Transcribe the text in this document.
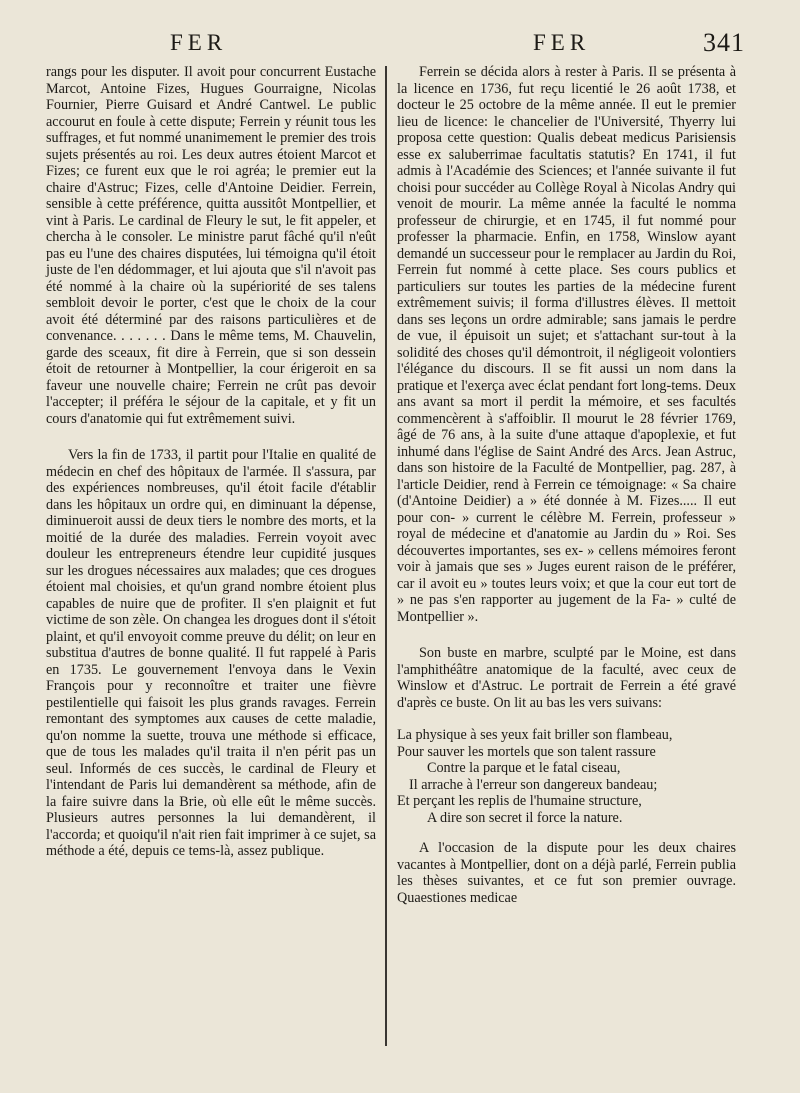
FER	FER	341

rangs pour les disputer. Il avoit pour concurrent Eustache Marcot, Antoine Fizes, Hugues Gourraigne, Nicolas Fournier, Pierre Guisard et André Cantwel. Le public accourut en foule à cette dispute; Ferrein y réunit tous les suffrages, et fut nommé unanimement le premier des trois sujets présentés au roi. Les deux autres étoient Marcot et Fizes; ce furent eux que le roi agréa; le premier eut la chaire d'Astruc; Fizes, celle d'Antoine Deidier. Ferrein, sensible à cette préférence, quitta aussitôt Montpellier, et vint à Paris. Le cardinal de Fleury le sut, le fit appeler, et chercha à le consoler. Le ministre parut fâché qu'il n'eût pas eu l'une des chaires disputées, lui témoigna qu'il étoit juste de l'en dédommager, et lui ajouta que s'il n'avoit pas été nommé à la chaire où la supériorité de ses talens sembloit devoir le porter, c'est que le choix de la cour avoit été déterminé par des raisons particulières et de convenance. . . . . . . Dans le même tems, M. Chauvelin, garde des sceaux, fit dire à Ferrein, que si son dessein étoit de retourner à Montpellier, la cour érigeroit en sa faveur une nouvelle chaire; Ferrein ne crût pas devoir l'accepter; il préféra le séjour de la capitale, et y fit un cours d'anatomie qui fut extrêmement suivi.

Vers la fin de 1733, il partit pour l'Italie en qualité de médecin en chef des hôpitaux de l'armée. Il s'assura, par des expériences nombreuses, qu'il étoit facile d'établir dans les hôpitaux un ordre qui, en diminuant la dépense, diminueroit aussi de deux tiers le nombre des morts, et la moitié de la durée des maladies. Ferrein voyoit avec douleur les entrepreneurs étendre leur cupidité jusques sur les drogues nécessaires aux malades; que ces drogues étoient mal choisies, et qu'un grand nombre étoient plus capables de nuire que de profiter. Il s'en plaignit et fut victime de son zèle. On changea les drogues dont il s'étoit plaint, et qu'il envoyoit comme preuve du délit; on leur en substitua d'autres de bonne qualité. Il fut rappelé à Paris en 1735. Le gouvernement l'envoya dans le Vexin François pour y reconnoître et traiter une fièvre pestilentielle qui faisoit les plus grands ravages. Ferrein remontant des symptomes aux causes de cette maladie, qu'on nomme la suette, trouva une méthode si efficace, que de tous les malades qu'il traita il n'en périt pas un seul. Informés de ces succès, le cardinal de Fleury et l'intendant de Paris lui demandèrent sa méthode, afin de la faire suivre dans la Brie, où elle eût le même succès. Plusieurs autres personnes la lui demandèrent, il l'accorda; et quoiqu'il n'ait rien fait imprimer à ce sujet, sa méthode a été, depuis ce tems-là, assez publique.

Ferrein se décida alors à rester à Paris. Il se présenta à la licence en 1736, fut reçu licentié le 26 août 1738, et docteur le 25 octobre de la même année. Il eut le premier lieu de licence: le chancelier de l'Université, Thyerry lui proposa cette question: Qualis debeat medicus Parisiensis esse ex saluberrimae facultatis statutis? En 1741, il fut admis à l'Académie des Sciences; et l'année suivante il fut choisi pour succéder au Collège Royal à Nicolas Andry qui venoit de mourir. La même année la faculté le nomma professeur de chirurgie, et en 1745, il fut nommé pour professer la pharmacie. Enfin, en 1758, Winslow ayant demandé un successeur pour le remplacer au Jardin du Roi, Ferrein fut nommé à cette place. Ses cours publics et particuliers sur toutes les parties de la médecine furent extrêmement suivis; il forma d'illustres élèves. Il mettoit dans ses leçons un ordre admirable; sans jamais le perdre de vue, il épuisoit un sujet; et s'attachant sur-tout à la solidité des choses qu'il démontroit, il négligeoit volontiers l'élégance du discours. Il se fit aussi un nom dans la pratique et l'exerça avec éclat pendant fort long-tems. Deux ans avant sa mort il perdit la mémoire, et ses facultés commencèrent à s'affoiblir. Il mourut le 28 février 1769, âgé de 76 ans, à la suite d'une attaque d'apoplexie, et fut inhumé dans l'église de Saint André des Arcs. Jean Astruc, dans son histoire de la Faculté de Montpellier, pag. 287, à l'article Deidier, rend à Ferrein ce témoignage: « Sa chaire (d'Antoine Deidier) a » été donnée à M. Fizes..... Il eut pour con- » current le célèbre M. Ferrein, professeur » royal de médecine et d'anatomie au Jardin du » Roi. Ses découvertes importantes, ses ex- » cellens mémoires feront voir à jamais que ses » Juges eurent raison de le préférer, car il avoit eu » toutes leurs voix; et que la cour eut tort de » ne pas s'en rapporter au jugement de la Fa- » culté de Montpellier ».

Son buste en marbre, sculpté par le Moine, est dans l'amphithéâtre anatomique de la faculté, avec ceux de Winslow et d'Astruc. Le portrait de Ferrein a été gravé d'après ce buste. On lit au bas les vers suivans:

La physique à ses yeux fait briller son flambeau,
Pour sauver les mortels que son talent rassure
Contre la parque et le fatal ciseau,
Il arrache à l'erreur son dangereux bandeau;
Et perçant les replis de l'humaine structure,
A dire son secret il force la nature.

A l'occasion de la dispute pour les deux chaires vacantes à Montpellier, dont on a déjà parlé, Ferrein publia les thèses suivantes, et ce fut son premier ouvrage. Quaestiones medicae
